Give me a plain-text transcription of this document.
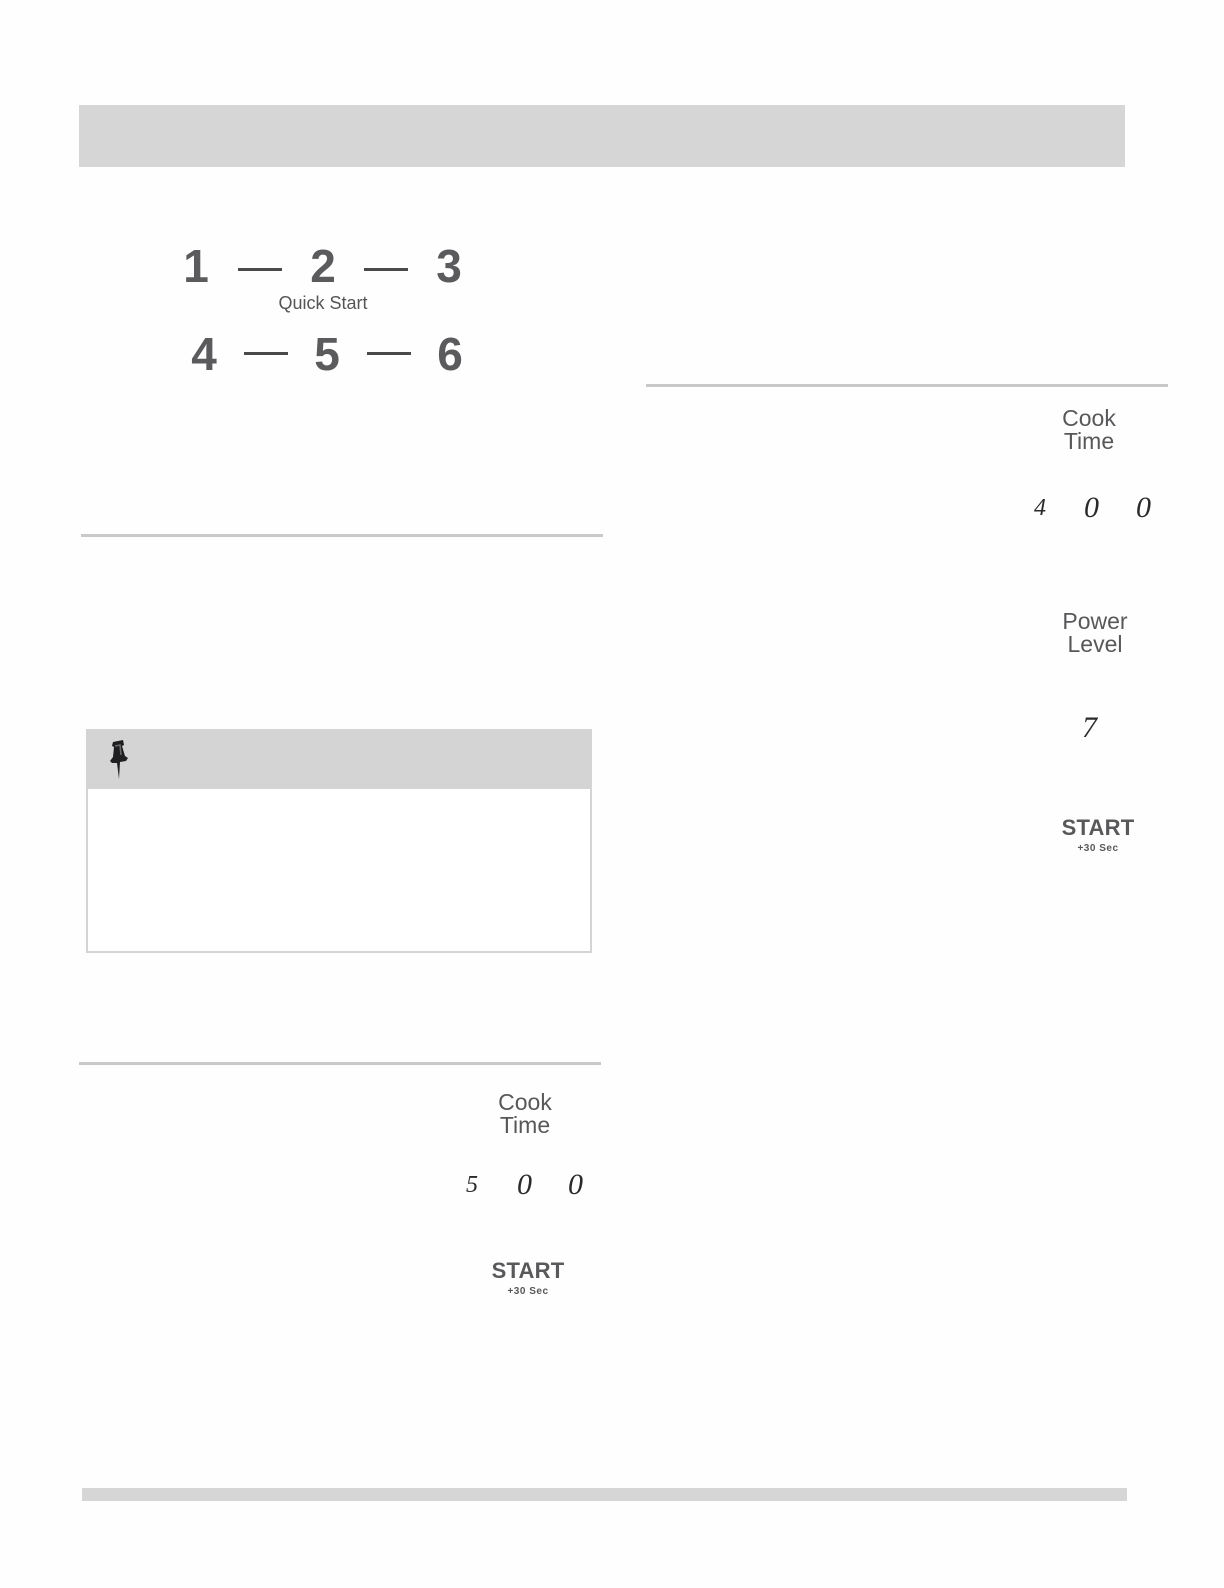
1 2 3
Quick Start
4 5 6
Cook
Time
5 0 0
START
+30 Sec
Cook
Time
4 0 0
Power
Level
7
START
+30 Sec
